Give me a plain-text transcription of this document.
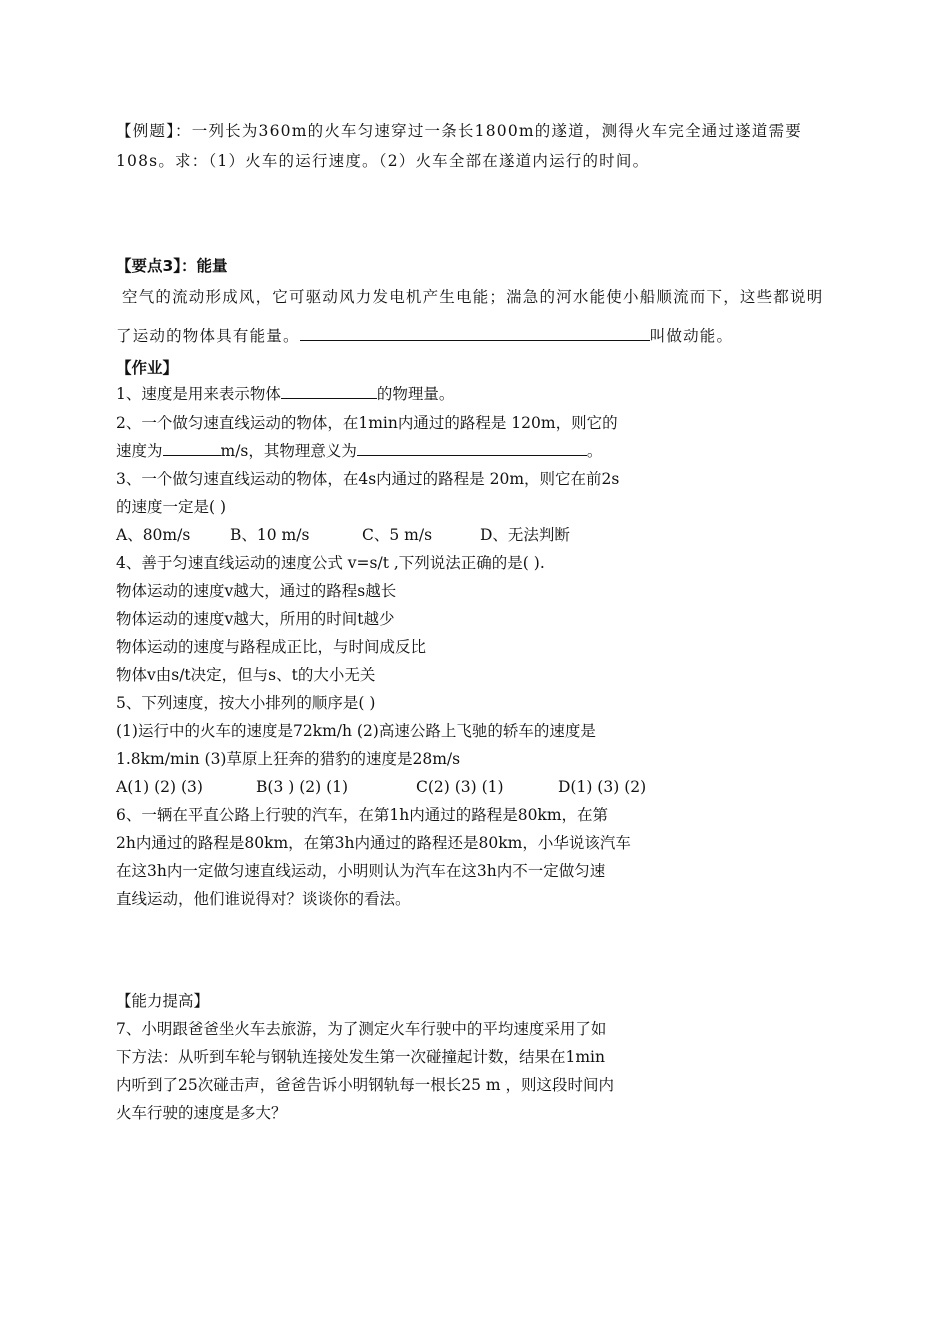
【例题】：一列长为360m的火车匀速穿过一条长1800m的遂道，测得火车完全通过遂道需要
108s。求：（1）火车的运行速度。（2）火车全部在遂道内运行的时间。
【要点3】：能量
空气的流动形成风，它可驱动风力发电机产生电能；湍急的河水能使小船顺流而下，这些都说明
了运动的物体具有能量。	叫做动能。
【作业】
1、速度是用来表示物体	的物理量。
2、一个做匀速直线运动的物体，在1min内通过的路程是 120m，则它的
速度为	m/s，其物理意义为	。
3、一个做匀速直线运动的物体，在4s内通过的路程是 20m，则它在前2s
的速度一定是( )
A、80m/s	B、10 m/s	C、5 m/s	D、无法判断
4、善于匀速直线运动的速度公式 v=s/t ,下列说法正确的是( ).
物体运动的速度v越大，通过的路程s越长
物体运动的速度v越大，所用的时间t越少
物体运动的速度与路程成正比，与时间成反比
物体v由s/t决定，但与s、t的大小无关
5、下列速度，按大小排列的顺序是( )
(1)运行中的火车的速度是72km/h (2)高速公路上飞驰的轿车的速度是
1.8km/min (3)草原上狂奔的猎豹的速度是28m/s
A(1) (2) (3)	B(3 ) (2) (1)	C(2) (3) (1)	D(1) (3) (2)
6、一辆在平直公路上行驶的汽车，在第1h内通过的路程是80km，在第
2h内通过的路程是80km，在第3h内通过的路程还是80km，小华说该汽车
在这3h内一定做匀速直线运动，小明则认为汽车在这3h内不一定做匀速
直线运动，他们谁说得对？谈谈你的看法。
【能力提高】
7、小明跟爸爸坐火车去旅游，为了测定火车行驶中的平均速度采用了如
下方法：从听到车轮与钢轨连接处发生第一次碰撞起计数，结果在1min
内听到了25次碰击声，爸爸告诉小明钢轨每一根长25 m ，则这段时间内
火车行驶的速度是多大？
